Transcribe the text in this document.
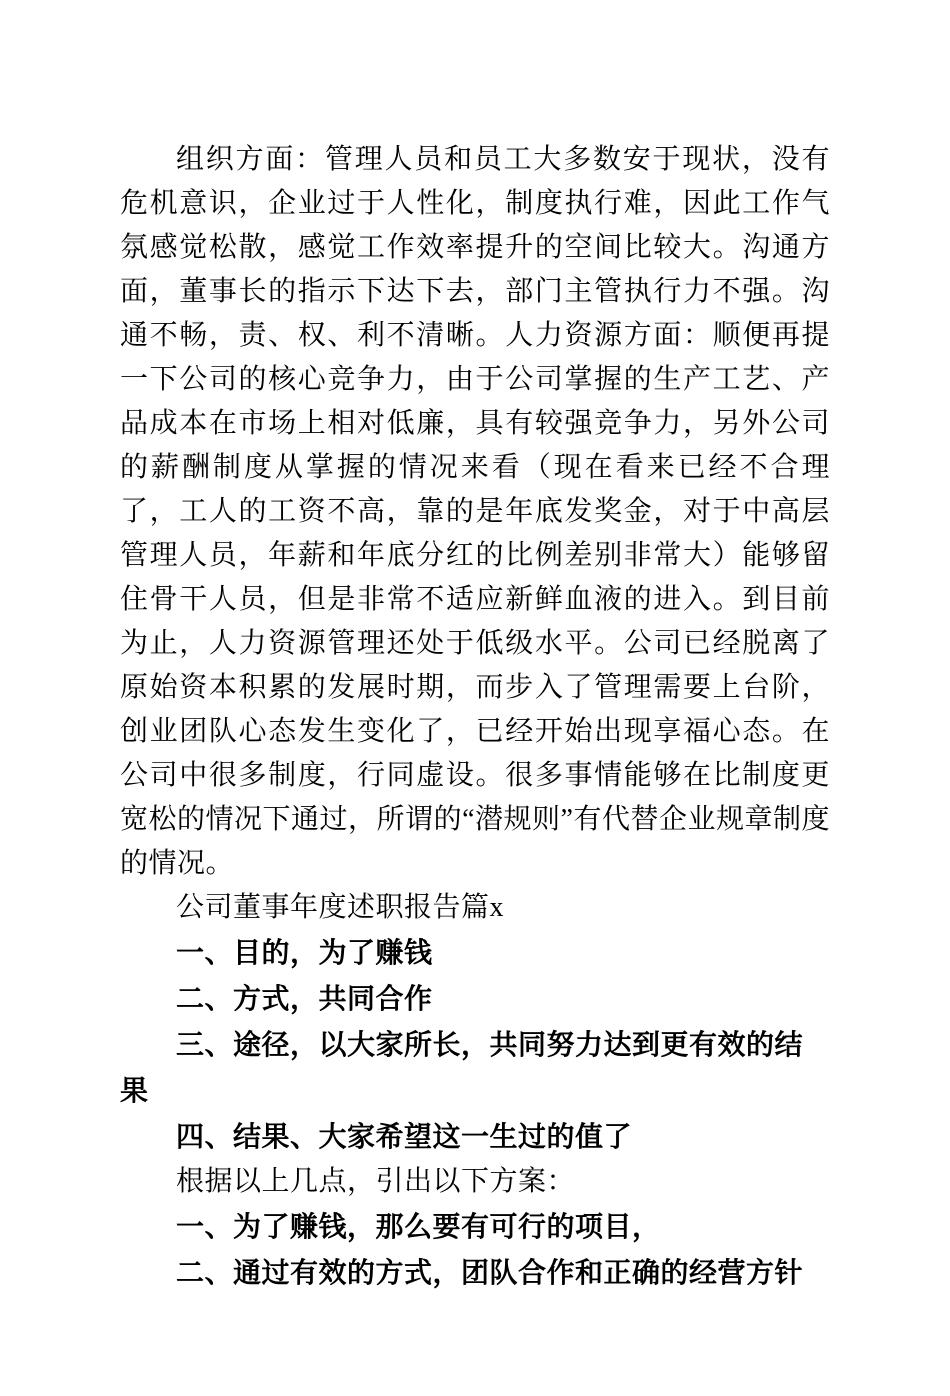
组织方面：管理人员和员工大多数安于现状，没有危机意识，企业过于人性化，制度执行难，因此工作气氛感觉松散，感觉工作效率提升的空间比较大。沟通方面，董事长的指示下达下去，部门主管执行力不强。沟通不畅，责、权、利不清晰。人力资源方面：顺便再提一下公司的核心竞争力，由于公司掌握的生产工艺、产品成本在市场上相对低廉，具有较强竞争力，另外公司的薪酬制度从掌握的情况来看（现在看来已经不合理了，工人的工资不高，靠的是年底发奖金，对于中高层管理人员，年薪和年底分红的比例差别非常大）能够留住骨干人员，但是非常不适应新鲜血液的进入。到目前为止，人力资源管理还处于低级水平。公司已经脱离了原始资本积累的发展时期，而步入了管理需要上台阶，创业团队心态发生变化了，已经开始出现享福心态。在公司中很多制度，行同虚设。很多事情能够在比制度更宽松的情况下通过，所谓的“潜规则”有代替企业规章制度的情况。

公司董事年度述职报告篇x

一、目的，为了赚钱

二、方式，共同合作

三、途径，以大家所长，共同努力达到更有效的结果

四、结果、大家希望这一生过的值了

根据以上几点，引出以下方案：

一、为了赚钱，那么要有可行的项目，

二、通过有效的方式，团队合作和正确的经营方针
